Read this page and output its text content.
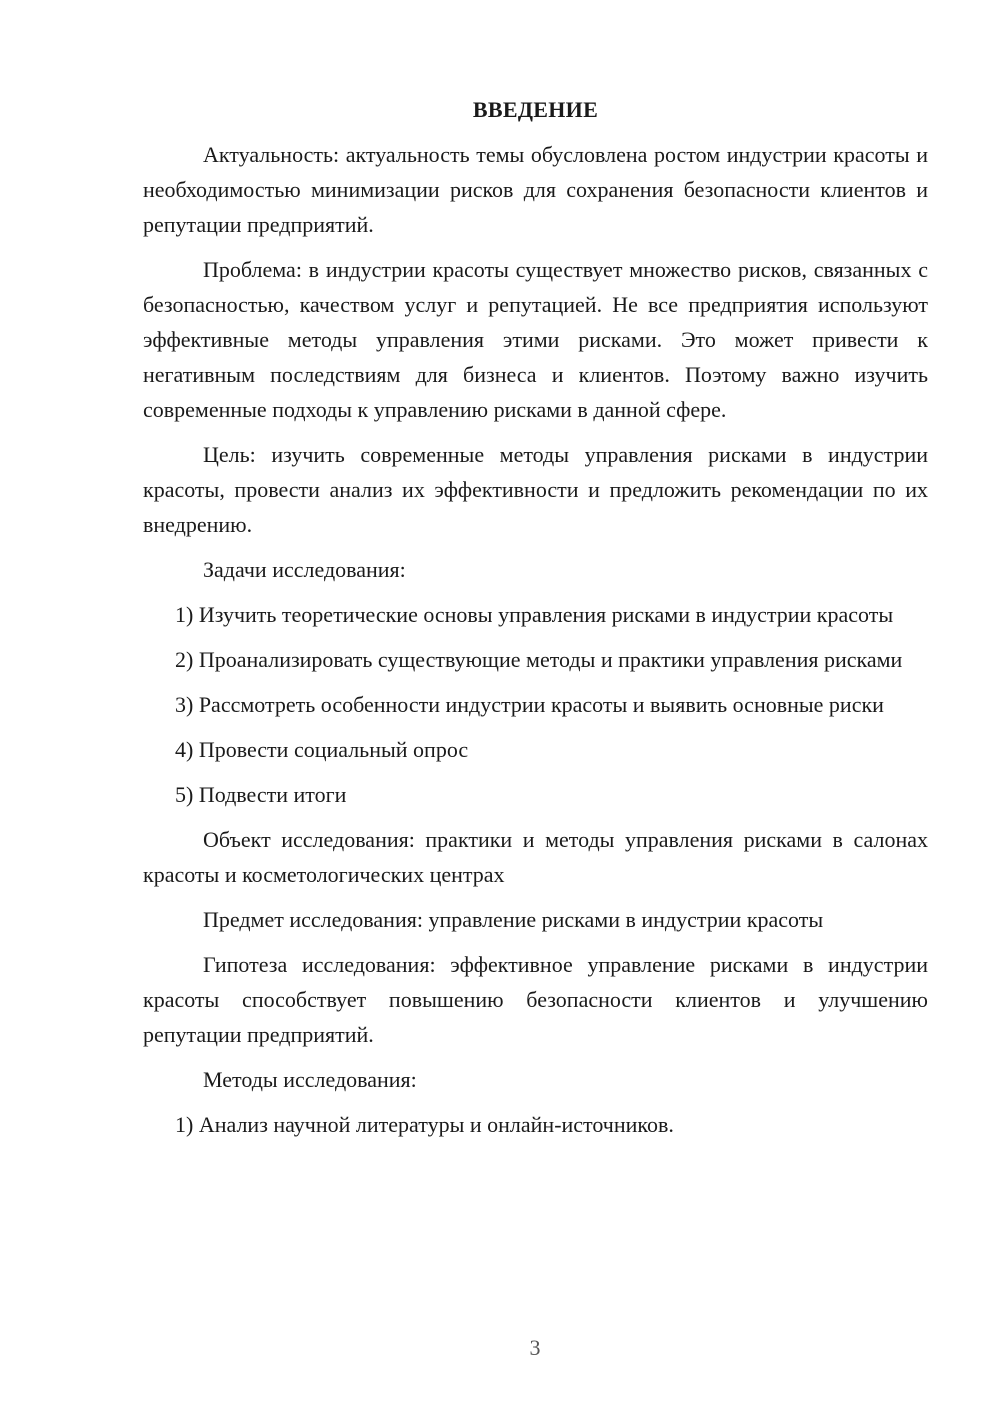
ВВЕДЕНИЕ

Актуальность: актуальность темы обусловлена ростом индустрии красоты и необходимостью минимизации рисков для сохранения безопасности клиентов и репутации предприятий.

Проблема: в индустрии красоты существует множество рисков, связанных с безопасностью, качеством услуг и репутацией. Не все предприятия используют эффективные методы управления этими рисками. Это может привести к негативным последствиям для бизнеса и клиентов. Поэтому важно изучить современные подходы к управлению рисками в данной сфере.

Цель: изучить современные методы управления рисками в индустрии красоты, провести анализ их эффективности и предложить рекомендации по их внедрению.

Задачи исследования:

1) Изучить теоретические основы управления рисками в индустрии красоты

2) Проанализировать существующие методы и практики управления рисками

3) Рассмотреть особенности индустрии красоты и выявить основные риски

4) Провести социальный опрос

5) Подвести итоги

Объект исследования: практики и методы управления рисками в салонах красоты и косметологических центрах

Предмет исследования: управление рисками в индустрии красоты

Гипотеза исследования: эффективное управление рисками в индустрии красоты способствует повышению безопасности клиентов и улучшению репутации предприятий.

Методы исследования:

1) Анализ научной литературы и онлайн-источников.

3
